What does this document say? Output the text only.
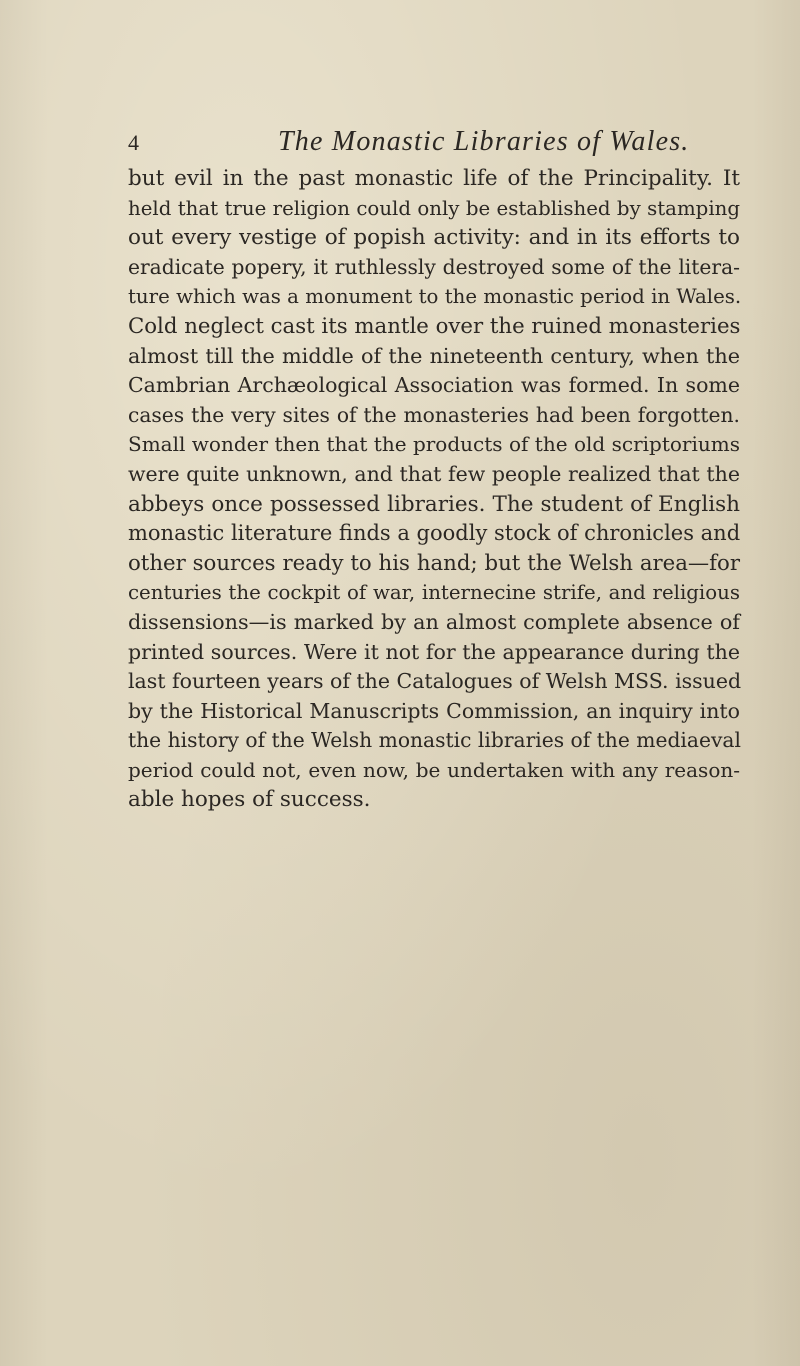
4	The Monastic Libraries of Wales.
but evil in the past monastic life of the Principality. It
held that true religion could only be established by stamping
out every vestige of popish activity: and in its efforts to
eradicate popery, it ruthlessly destroyed some of the litera-
ture which was a monument to the monastic period in Wales.
Cold neglect cast its mantle over the ruined monasteries
almost till the middle of the nineteenth century, when the
Cambrian Archæological Association was formed. In some
cases the very sites of the monasteries had been forgotten.
Small wonder then that the products of the old scriptoriums
were quite unknown, and that few people realized that the
abbeys once possessed libraries. The student of English
monastic literature finds a goodly stock of chronicles and
other sources ready to his hand; but the Welsh area—for
centuries the cockpit of war, internecine strife, and religious
dissensions—is marked by an almost complete absence of
printed sources. Were it not for the appearance during the
last fourteen years of the Catalogues of Welsh MSS. issued
by the Historical Manuscripts Commission, an inquiry into
the history of the Welsh monastic libraries of the mediaeval
period could not, even now, be undertaken with any reason-
able hopes of success.
